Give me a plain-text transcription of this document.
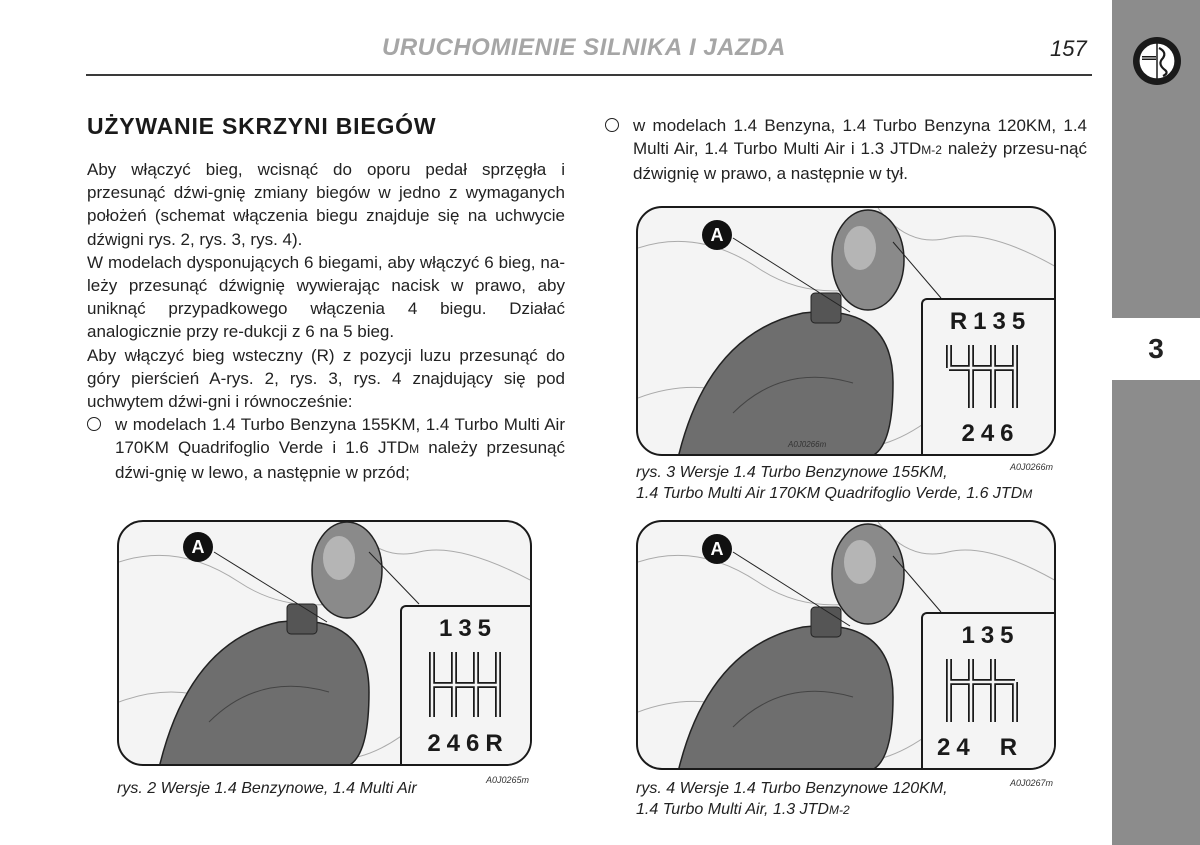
3
URUCHOMIENIE SILNIKA I JAZDA	157
UŻYWANIE SKRZYNI BIEGÓW

Aby włączyć bieg, wcisnąć do oporu pedał sprzęgła i przesunąć dźwi-gnię zmiany biegów w jedno z wymaganych położeń (schemat włączenia biegu znajduje się na uchwycie dźwigni rys. 2, rys. 3, rys. 4).

W modelach dysponujących 6 biegami, aby włączyć 6 bieg, na-leży przesunąć dźwignię wywierając nacisk w prawo, aby uniknąć przypadkowego włączenia 4 biegu. Działać analogicznie przy re-dukcji z 6 na 5 bieg.

Aby włączyć bieg wsteczny (R) z pozycji luzu przesunąć do góry pierścień A-rys. 2, rys. 3, rys. 4 znajdujący się pod uchwytem dźwi-gni i równocześnie:

w modelach 1.4 Turbo Benzyna 155KM, 1.4 Turbo Multi Air 170KM Quadrifoglio Verde i 1.6 JTDM należy przesunąć dźwi-gnię w lewo, a następnie w przód;
w modelach 1.4 Benzyna, 1.4 Turbo Benzyna 120KM, 1.4 Multi Air, 1.4 Turbo Multi Air i 1.3 JTDM-2 należy przesu-nąć dźwignię w prawo, a następnie w tył.
A
135
246R
rys. 2 Wersje 1.4 Benzynowe, 1.4 Multi Air	A0J0265m
A
A0J0266m
R135
246
rys. 3 Wersje 1.4 Turbo Benzynowe 155KM,
1.4 Turbo Multi Air 170KM Quadrifoglio Verde, 1.6 JTDM
A0J0266m
A
135
24 R
rys. 4 Wersje 1.4 Turbo Benzynowe 120KM,
1.4 Turbo Multi Air, 1.3 JTDM-2
A0J0267m
